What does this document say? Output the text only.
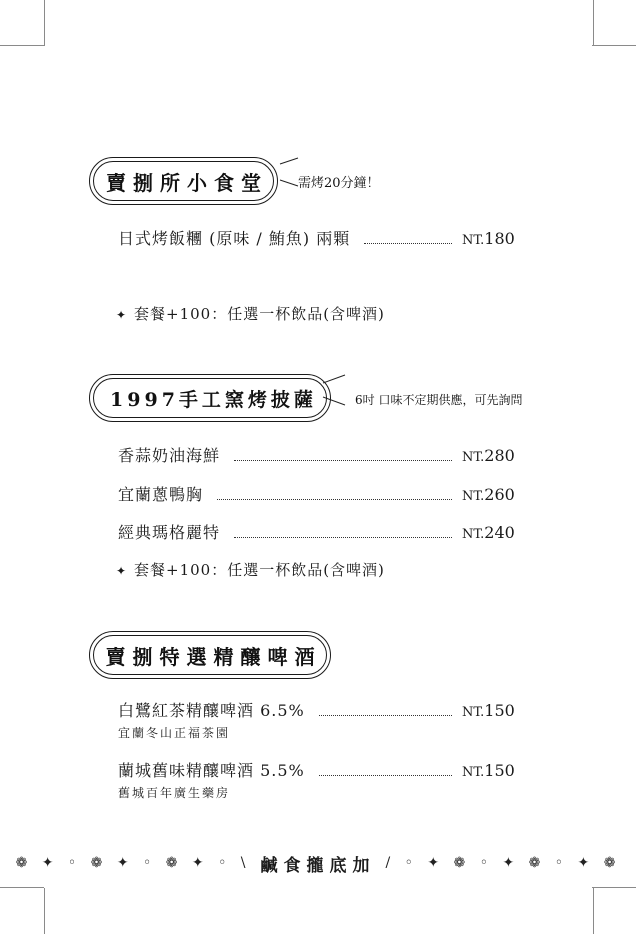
賣捌所小食堂 需烤20分鐘！
日式烤飯糰 (原味 / 鮪魚) 兩顆	NT.180
✦ 套餐+100：任選一杯飲品(含啤酒)
1997手工窯烤披薩	6吋 口味不定期供應，可先詢問
香蒜奶油海鮮	NT.280
宜蘭蔥鴨胸	NT.260
經典瑪格麗特	NT.240
✦ 套餐+100：任選一杯飲品(含啤酒)
賣捌特選精釀啤酒
白鷺紅茶精釀啤酒 6.5%	NT.150
宜蘭冬山正福茶園
蘭城舊味精釀啤酒 5.5%	NT.150
舊城百年廣生藥房
❁ ✦ ◦ ❁ ✦ ◦ ❁ ✦ ◦ \ 鹹食攏底加 / ◦ ✦ ❁ ◦ ✦ ❁ ◦ ✦ ❁
